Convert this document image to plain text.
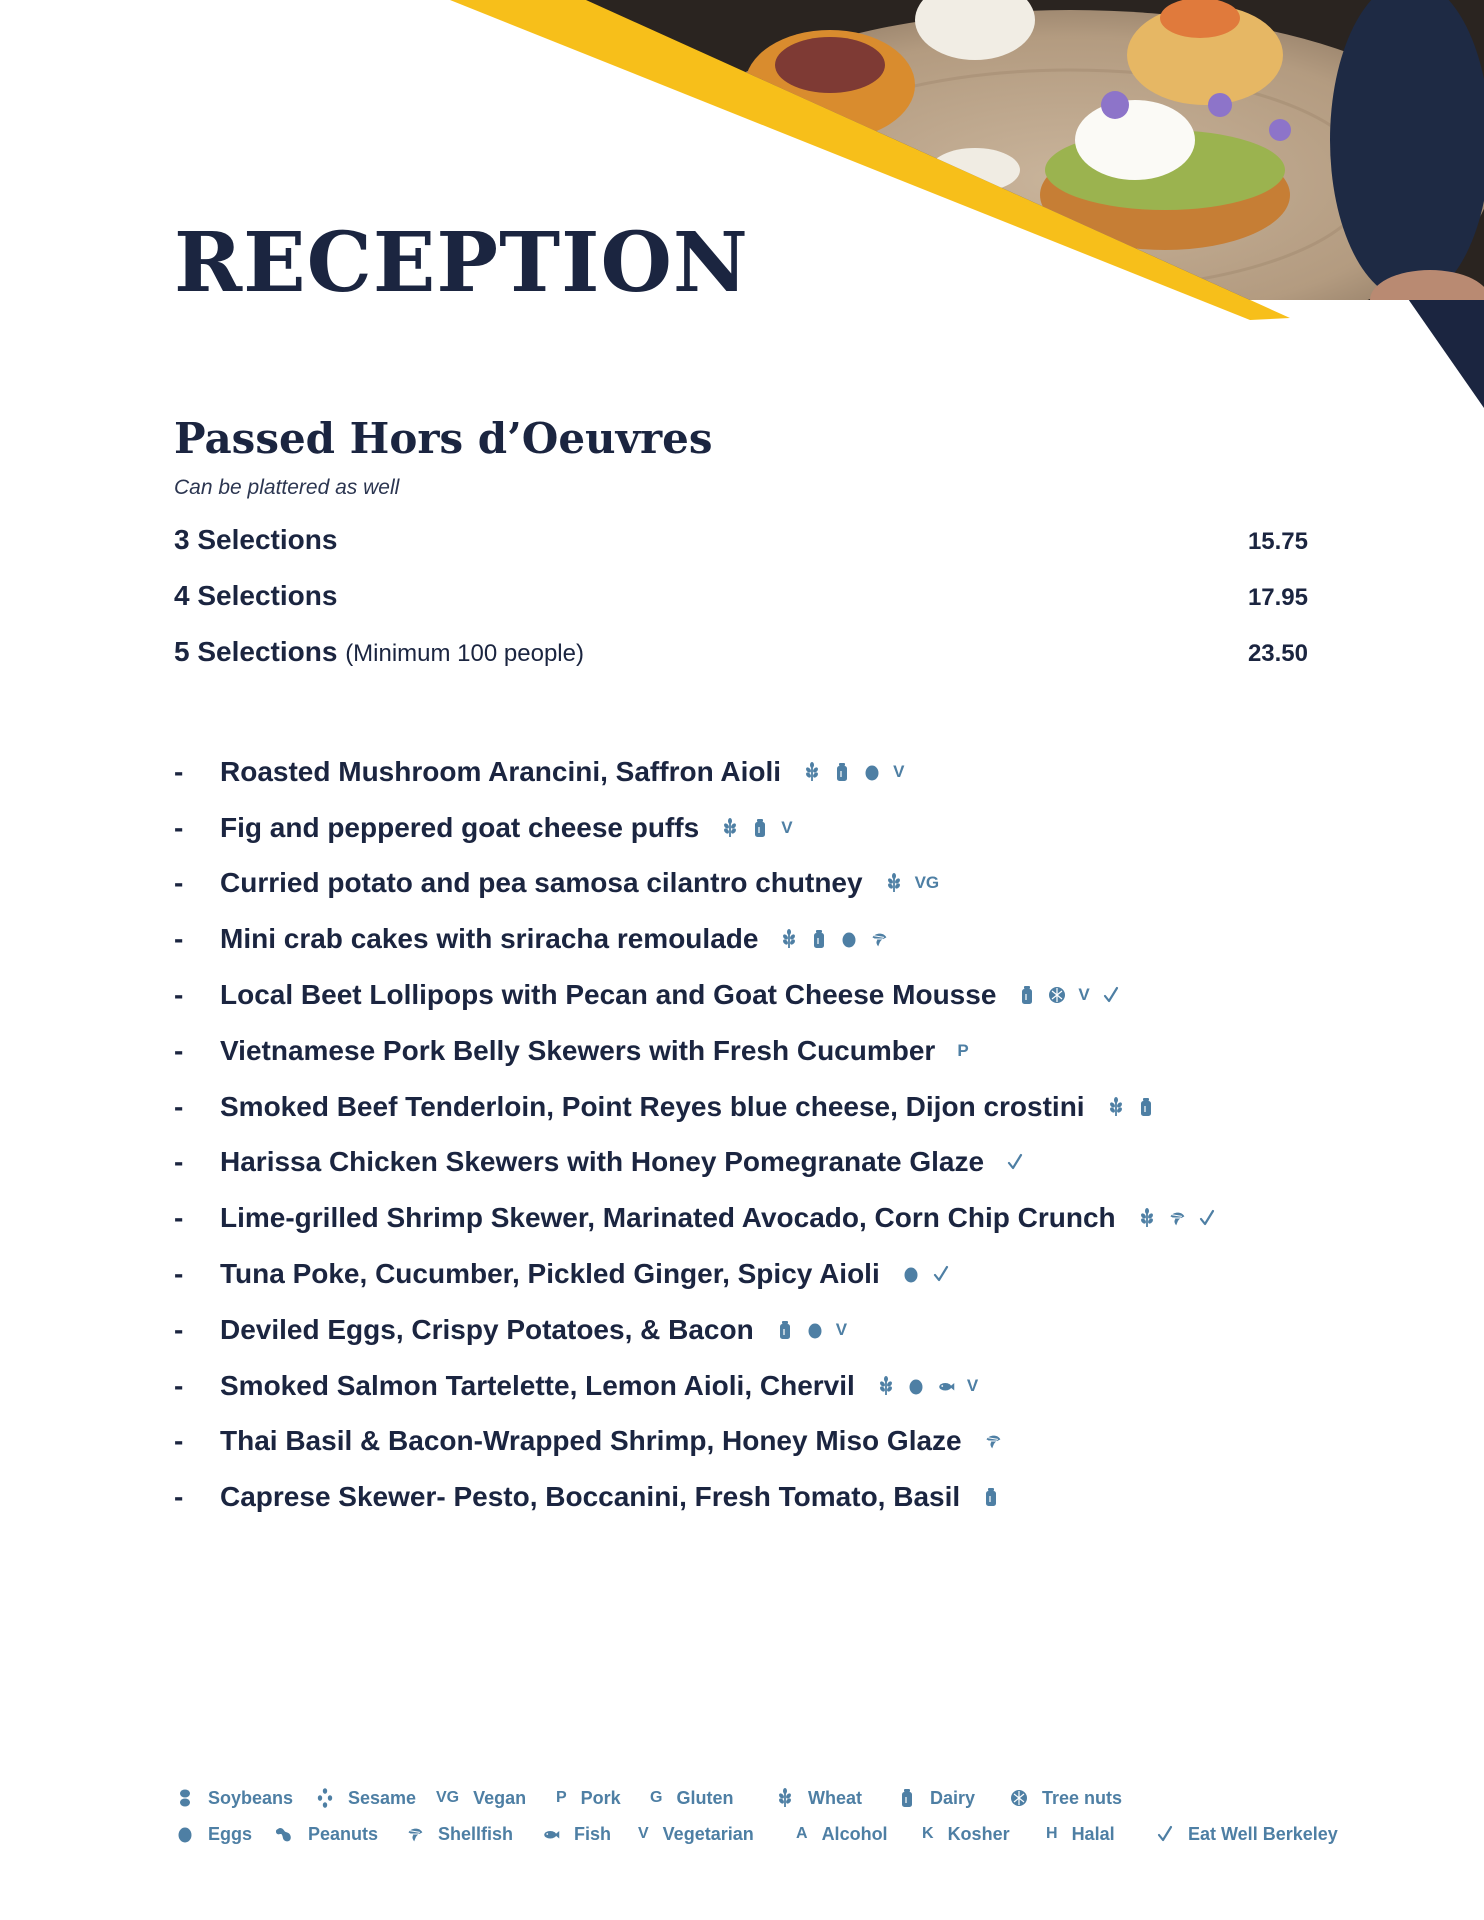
RECEPTION
Passed Hors d’Oeuvres
Can be plattered as well
3 Selections	15.75
4 Selections	17.95
5 Selections (Minimum 100 people)	23.50
-	Roasted Mushroom Arancini, Saffron Aioli	V
-	Fig and peppered goat cheese puffs	V
-	Curried potato and pea samosa cilantro chutney	VG
-	Mini crab cakes with sriracha remoulade
-	Local Beet Lollipops with Pecan and Goat Cheese Mousse	V
-	Vietnamese Pork Belly Skewers with Fresh Cucumber P
-	Smoked Beef Tenderloin, Point Reyes blue cheese, Dijon crostini
-	Harissa Chicken Skewers with Honey Pomegranate Glaze
-	Lime-grilled Shrimp Skewer, Marinated Avocado, Corn Chip Crunch
-	Tuna Poke, Cucumber, Pickled Ginger, Spicy Aioli
-	Deviled Eggs, Crispy Potatoes, & Bacon	V
-	Smoked Salmon Tartelette, Lemon Aioli, Chervil	V
-	Thai Basil & Bacon-Wrapped Shrimp, Honey Miso Glaze
-	Caprese Skewer- Pesto, Boccanini, Fresh Tomato, Basil
Soybeans	Sesame VG Vegan P Pork G Gluten	Wheat	Dairy	Tree nuts
Eggs	Peanuts	Shellfish	Fish V Vegetarian	A Alcohol K Kosher H Halal	Eat Well Berkeley
